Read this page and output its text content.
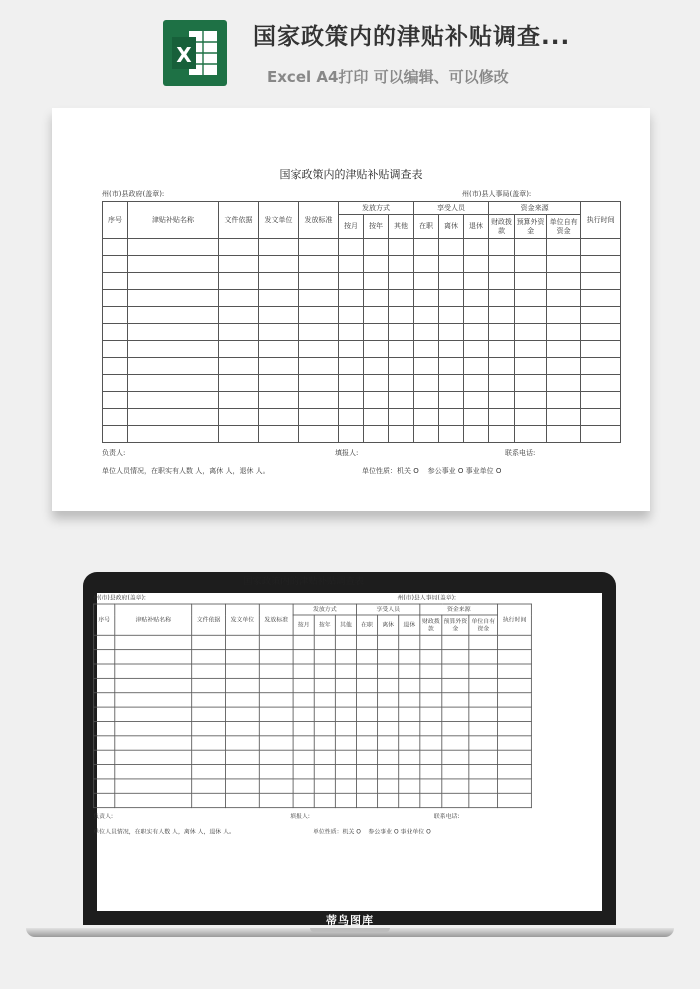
X
国家政策内的津贴补贴调查...
Excel A4打印 可以编辑、可以修改
国家政策内的津贴补贴调查表
州(市)县政府(盖章):	州(市)县人事局(盖章):
序号	津贴补贴名称	文件依据	发文单位	发放标准	发放方式			享受人员			资金来源			执行时间
					按月	按年	其他	在职	离休	退休	财政拨款	预算外资金	单位自有资金	

负责人:	填报人:	联系电话:
单位人员情况，在职实有人数 人，离休 人，退休 人。	单位性质：机关 O 参公事业 O 事业单位 O
国家政策内的津贴补贴调查表
州(市)县政府(盖章):	州(市)县人事局(盖章):
序号	津贴补贴名称	文件依据	发文单位	发放标准	发放方式			享受人员			资金来源			执行时间
					按月	按年	其他	在职	离休	退休	财政拨款	预算外资金	单位自有资金	

负责人:	填报人:	联系电话:
单位人员情况，在职实有人数 人，离休 人，退休 人。	单位性质：机关 O 参公事业 O 事业单位 O
蒂鸟图库
